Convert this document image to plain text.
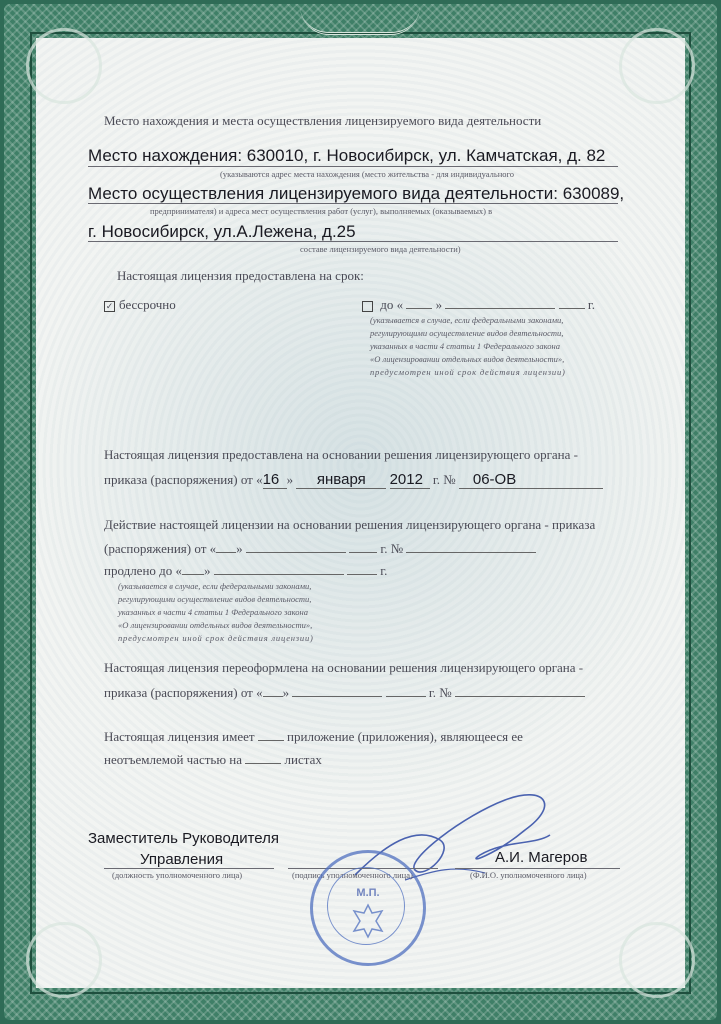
Место нахождения и места осуществления лицензируемого вида деятельности
Место нахождения: 630010, г. Новосибирск, ул. Камчатская, д. 82
(указываются адрес места нахождения (место жительства - для индивидуального
Место осуществления лицензируемого вида деятельности: 630089,
предпринимателя) и адреса мест осуществления работ (услуг), выполняемых (оказываемых) в
г. Новосибирск, ул.А.Лежена, д.25
составе лицензируемого вида деятельности)
Настоящая лицензия предоставлена на срок:
✓ бессрочно	до «	»	г.
(указывается в случае, если федеральными законами,
регулирующими осуществление видов деятельности,
указанных в части 4 статьи 1 Федерального закона
«О лицензировании отдельных видов деятельности»,
предусмотрен иной срок действия лицензии)
Настоящая лицензия предоставлена на основании решения лицензирующего органа -
приказа (распоряжения) от «16 » января 2012 г. № 06-ОВ
Действие настоящей лицензии на основании решения лицензирующего органа - приказа
(распоряжения) от « »	г. №
продлено до « »	г.
(указывается в случае, если федеральными законами,
регулирующими осуществление видов деятельности,
указанных в части 4 статьи 1 Федерального закона
«О лицензировании отдельных видов деятельности»,
предусмотрен иной срок действия лицензии)
Настоящая лицензия переоформлена на основании решения лицензирующего органа -
приказа (распоряжения) от « »	г. №
Настоящая лицензия имеет	приложение (приложения), являющееся ее
неотъемлемой частью на	листах
Заместитель Руководителя
Управления	А.И. Магеров
(должность уполномоченного лица)	(подпись уполномоченного лица)	(Ф.И.О. уполномоченного лица)
М.П.
